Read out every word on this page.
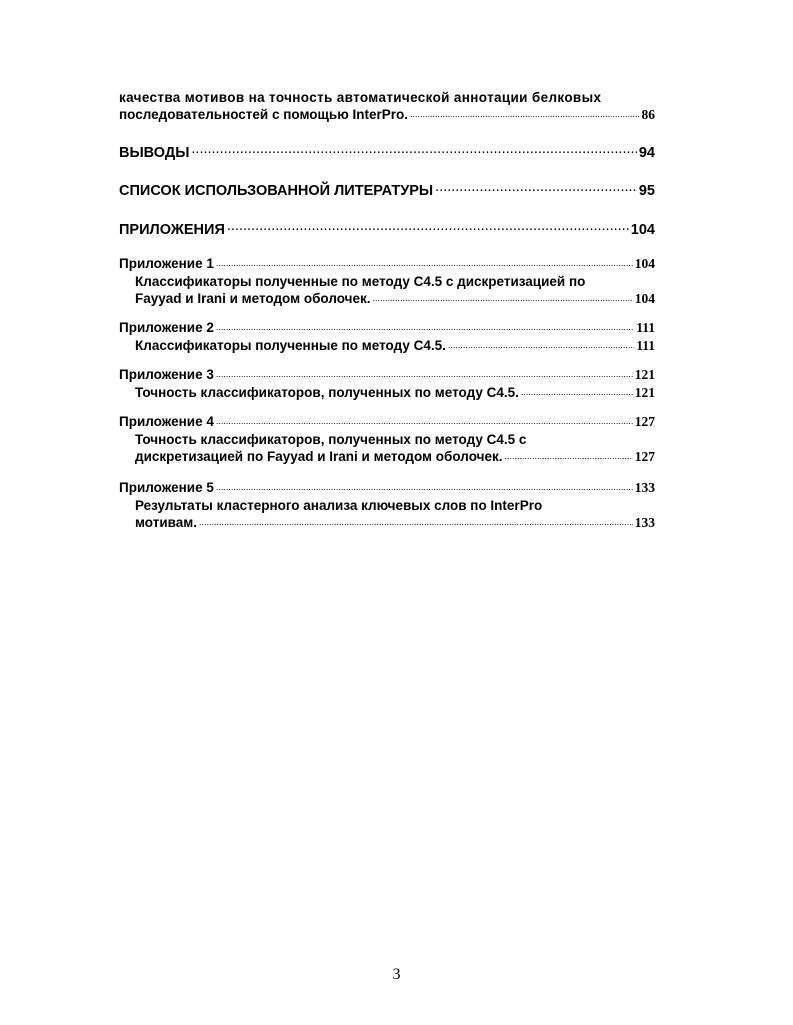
качества мотивов на точность автоматической аннотации белковых
последовательностей с помощью InterPro. .....	86
ВЫВОДЫ .....	94
СПИСОК ИСПОЛЬЗОВАННОЙ ЛИТЕРАТУРЫ .....	95
ПРИЛОЖЕНИЯ .....	104
Приложение 1 .....	104
Классификаторы полученные по методу C4.5 с дискретизацией по
Fayyad и Irani и методом оболочек. .....	104
Приложение 2 .....	111
Классификаторы полученные по методу C4.5. .....	111
Приложение 3 .....	121
Точность классификаторов, полученных по методу C4.5. .....	121
Приложение 4 .....	127
Точность классификаторов, полученных по методу C4.5 с
дискретизацией по Fayyad и Irani и методом оболочек. .....	127
Приложение 5 .....	133
Результаты кластерного анализа ключевых слов по InterPro
мотивам. .....	133
3
